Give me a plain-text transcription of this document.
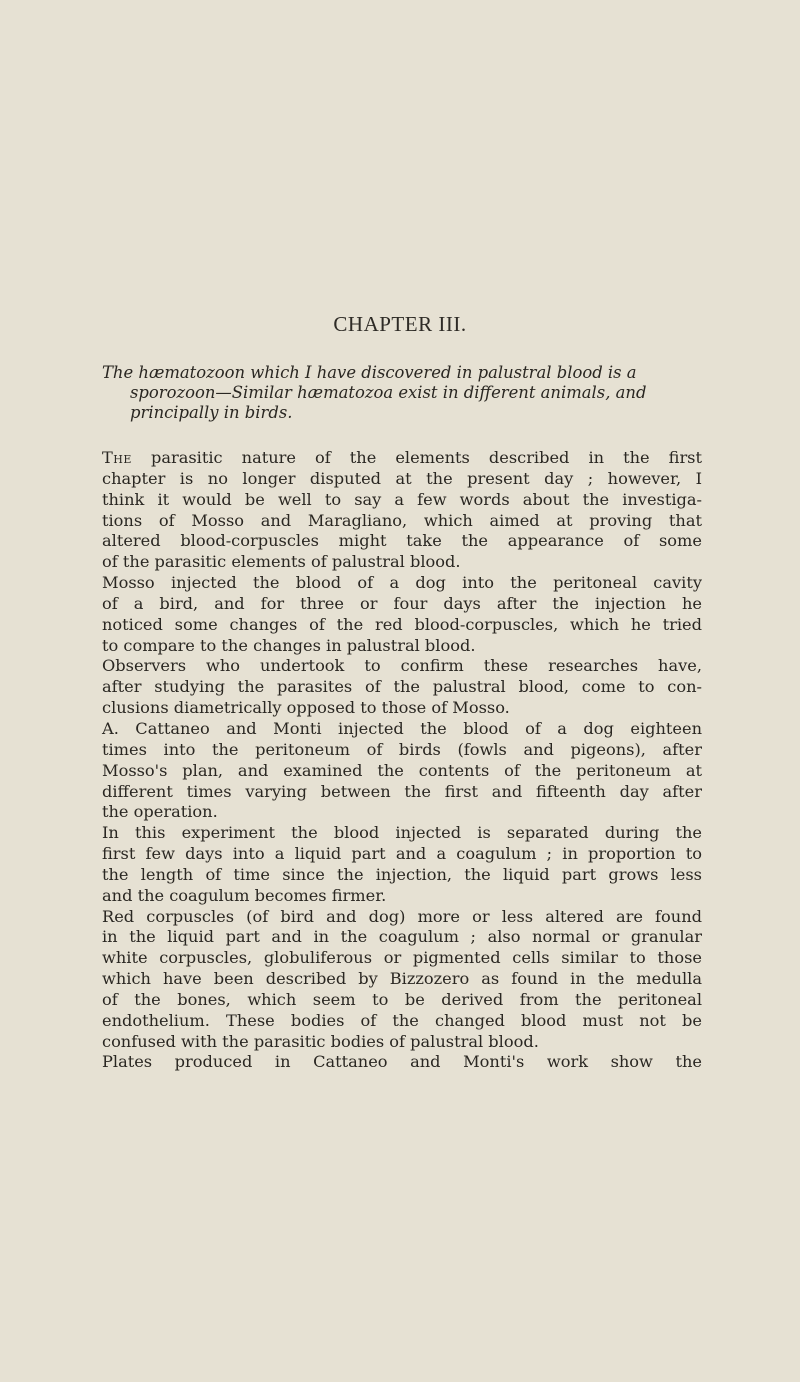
CHAPTER III.
The hæmatozoon which I have discovered in palustral blood is a
sporozoon—Similar hæmatozoa exist in different animals, and
principally in birds.
The parasitic nature of the elements described in the first
chapter is no longer disputed at the present day ; however, I
think it would be well to say a few words about the investiga-
tions of Mosso and Maragliano, which aimed at proving that
altered blood-corpuscles might take the appearance of some
of the parasitic elements of palustral blood.
Mosso injected the blood of a dog into the peritoneal cavity
of a bird, and for three or four days after the injection he
noticed some changes of the red blood-corpuscles, which he tried
to compare to the changes in palustral blood.
Observers who undertook to confirm these researches have,
after studying the parasites of the palustral blood, come to con-
clusions diametrically opposed to those of Mosso.
A. Cattaneo and Monti injected the blood of a dog eighteen
times into the peritoneum of birds (fowls and pigeons), after
Mosso's plan, and examined the contents of the peritoneum at
different times varying between the first and fifteenth day after
the operation.
In this experiment the blood injected is separated during the
first few days into a liquid part and a coagulum ; in proportion to
the length of time since the injection, the liquid part grows less
and the coagulum becomes firmer.
Red corpuscles (of bird and dog) more or less altered are found
in the liquid part and in the coagulum ; also normal or granular
white corpuscles, globuliferous or pigmented cells similar to those
which have been described by Bizzozero as found in the medulla
of the bones, which seem to be derived from the peritoneal
endothelium. These bodies of the changed blood must not be
confused with the parasitic bodies of palustral blood.
Plates produced in Cattaneo and Monti's work show the
